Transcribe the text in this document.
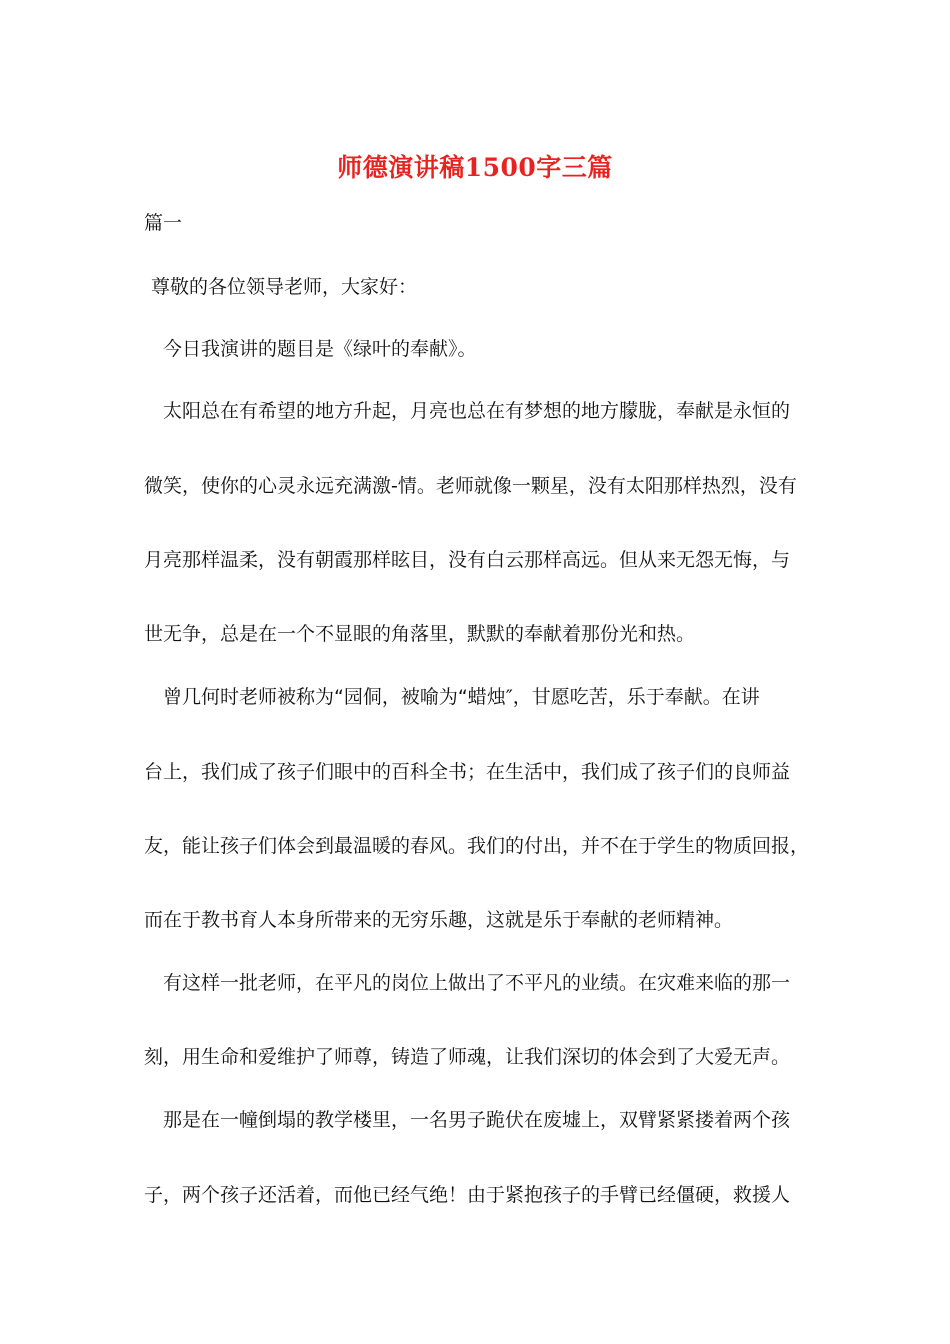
师德演讲稿1500字三篇
篇一
尊敬的各位领导老师，大家好：
今日我演讲的题目是《绿叶的奉献》。
太阳总在有希望的地方升起，月亮也总在有梦想的地方朦胧，奉献是永恒的
微笑，使你的心灵永远充满激-情。老师就像一颗星，没有太阳那样热烈，没有
月亮那样温柔，没有朝霞那样眩目，没有白云那样高远。但从来无怨无悔，与
世无争，总是在一个不显眼的角落里，默默的奉献着那份光和热。
曾几何时老师被称为“园侗，被喻为“蜡烛″，甘愿吃苦，乐于奉献。在讲
台上，我们成了孩子们眼中的百科全书；在生活中，我们成了孩子们的良师益
友，能让孩子们体会到最温暖的春风。我们的付出，并不在于学生的物质回报，
而在于教书育人本身所带来的无穷乐趣，这就是乐于奉献的老师精神。
有这样一批老师，在平凡的岗位上做出了不平凡的业绩。在灾难来临的那一
刻，用生命和爱维护了师尊，铸造了师魂，让我们深切的体会到了大爱无声。
那是在一幢倒塌的教学楼里，一名男子跪伏在废墟上，双臂紧紧搂着两个孩
子，两个孩子还活着，而他已经气绝！由于紧抱孩子的手臂已经僵硬，救援人
